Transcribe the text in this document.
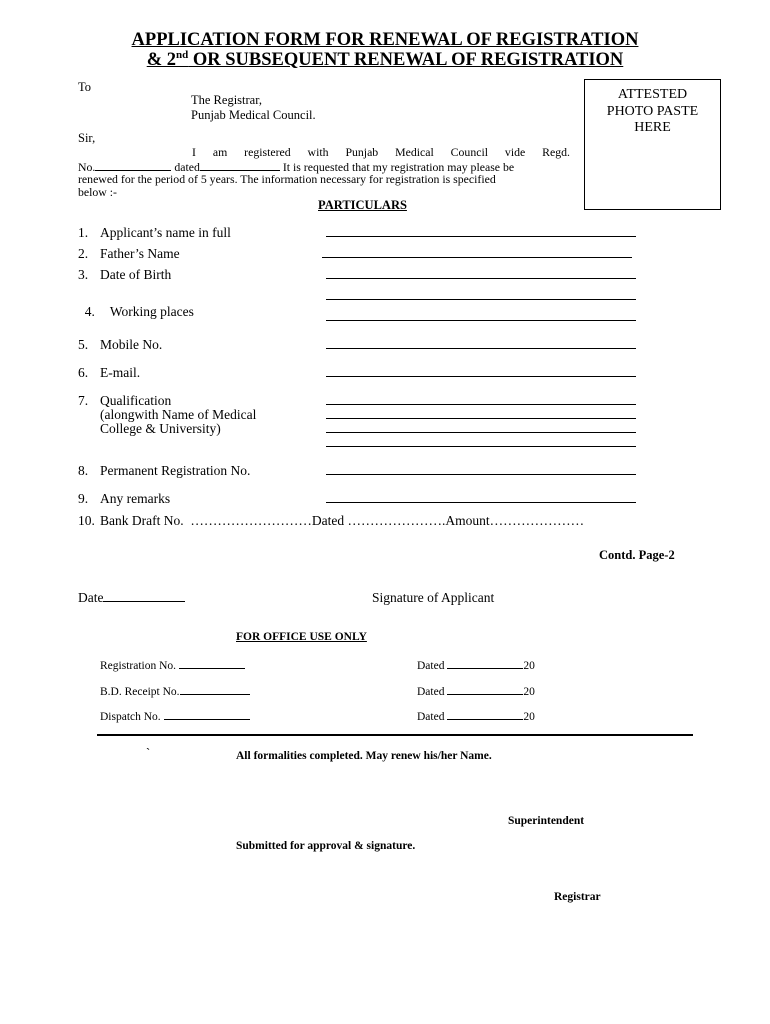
APPLICATION FORM FOR RENEWAL OF REGISTRATION
& 2nd OR SUBSEQUENT RENEWAL OF REGISTRATION
ATTESTED
PHOTO PASTE
HERE
To
The Registrar,
Punjab Medical Council.
Sir,
I am registered with Punjab Medical Council vide Regd.
No.	dated	It is requested that my registration may please be
renewed for the period of 5 years. The information necessary for registration is specified
below :-
PARTICULARS
1. Applicant’s name in full
2. Father’s Name
3. Date of Birth

4. Working places

5. Mobile No.
6. E-mail.
7. Qualification
(alongwith Name of Medical
College & University)
8. Permanent Registration No.
9. Any remarks
10. Bank Draft No.  ………………………Dated ………………….Amount…………………
Contd. Page-2
Date	Signature of Applicant
FOR OFFICE USE ONLY
Registration No.	Dated	20
B.D. Receipt No.	Dated	20
Dispatch No.	Dated	20
`	All formalities completed. May renew his/her Name.
Superintendent
Submitted for approval & signature.
Registrar
